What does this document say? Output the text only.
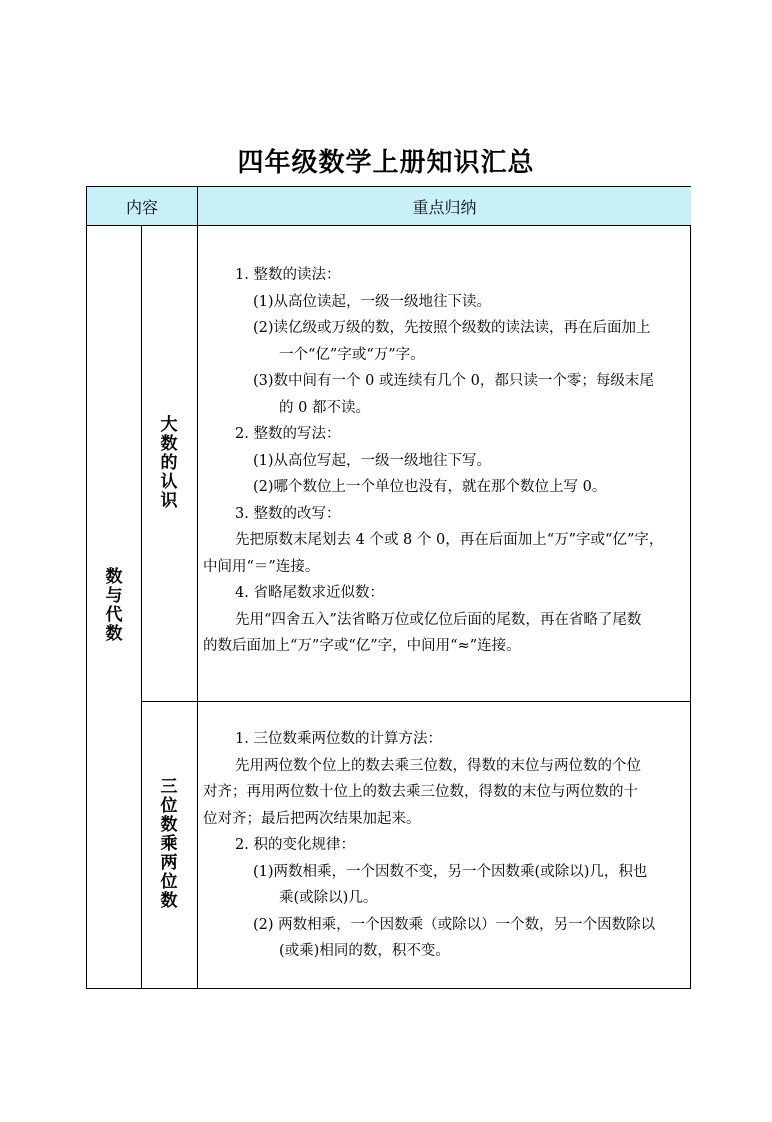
四年级数学上册知识汇总
内容	重点归纳
数与代数
大数的认识
三位数乘两位数

1. 整数的读法：

(1)从高位读起，一级一级地往下读。

(2)读亿级或万级的数，先按照个级数的读法读，再在后面加上

一个“亿”字或“万”字。

(3)数中间有一个 0 或连续有几个 0，都只读一个零；每级末尾

的 0 都不读。

2. 整数的写法：

(1)从高位写起，一级一级地往下写。

(2)哪个数位上一个单位也没有，就在那个数位上写 0。

3. 整数的改写：

先把原数末尾划去 4 个或 8 个 0，再在后面加上“万”字或“亿”字，

中间用“＝”连接。

4. 省略尾数求近似数：

先用“四舍五入”法省略万位或亿位后面的尾数，再在省略了尾数

的数后面加上“万”字或“亿”字，中间用“≈”连接。

1. 三位数乘两位数的计算方法：

先用两位数个位上的数去乘三位数，得数的末位与两位数的个位

对齐；再用两位数十位上的数去乘三位数，得数的末位与两位数的十

位对齐；最后把两次结果加起来。

2. 积的变化规律：

(1)两数相乘，一个因数不变，另一个因数乘(或除以)几，积也

乘(或除以)几。

(2) 两数相乘，一个因数乘（或除以）一个数，另一个因数除以

(或乘)相同的数，积不变。
